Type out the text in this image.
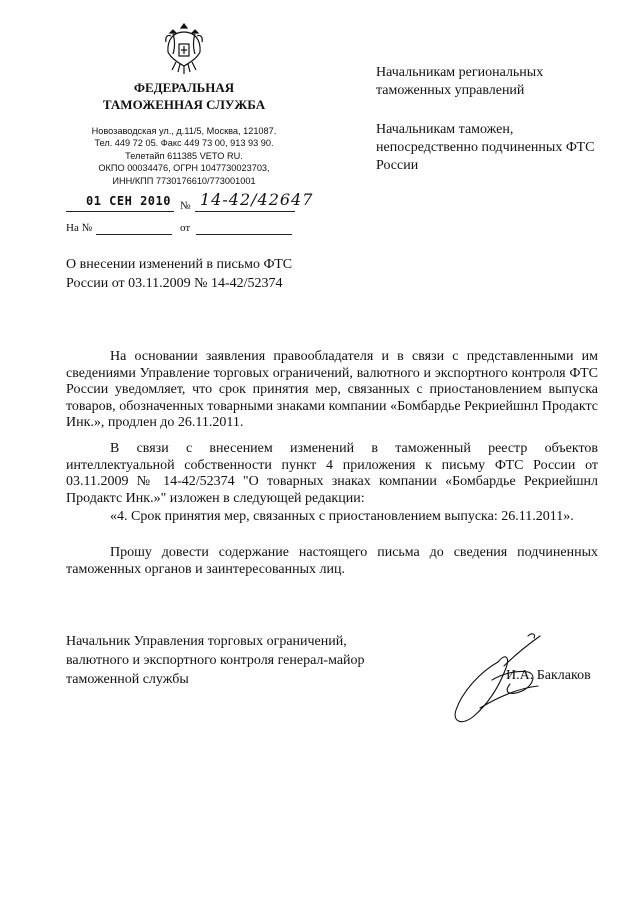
ФЕДЕРАЛЬНАЯ
ТАМОЖЕННАЯ СЛУЖБА
Новозаводская ул., д.11/5, Москва, 121087.
Тел. 449 72 05. Факс 449 73 00, 913 93 90.
Телетайп 611385 VETO RU.
ОКПО 00034476, ОГРН 1047730023703,
ИНН/КПП 7730176610/773001001
01 СЕН 2010 № 14-42/42647
На №	от
Начальникам региональных таможенных управлений
Начальникам таможен, непосредственно подчиненных ФТС России
О внесении изменений в письмо ФТС России от 03.11.2009 № 14-42/52374
На основании заявления правообладателя и в связи с представленными им сведениями Управление торговых ограничений, валютного и экспортного контроля ФТС России уведомляет, что срок принятия мер, связанных с приостановлением выпуска товаров, обозначенных товарными знаками компании «Бомбардье Рекриейшнл Продактс Инк.», продлен до 26.11.2011.
В связи с внесением изменений в таможенный реестр объектов интеллектуальной собственности пункт 4 приложения к письму ФТС России от 03.11.2009 № 14-42/52374 "О товарных знаках компании «Бомбардье Рекриейшнл Продактс Инк.»" изложен в следующей редакции:
«4. Срок принятия мер, связанных с приостановлением выпуска: 26.11.2011».
Прошу довести содержание настоящего письма до сведения подчиненных таможенных органов и заинтересованных лиц.
Начальник Управления торговых ограничений, валютного и экспортного контроля генерал-майор таможенной службы	И.А. Баклаков
